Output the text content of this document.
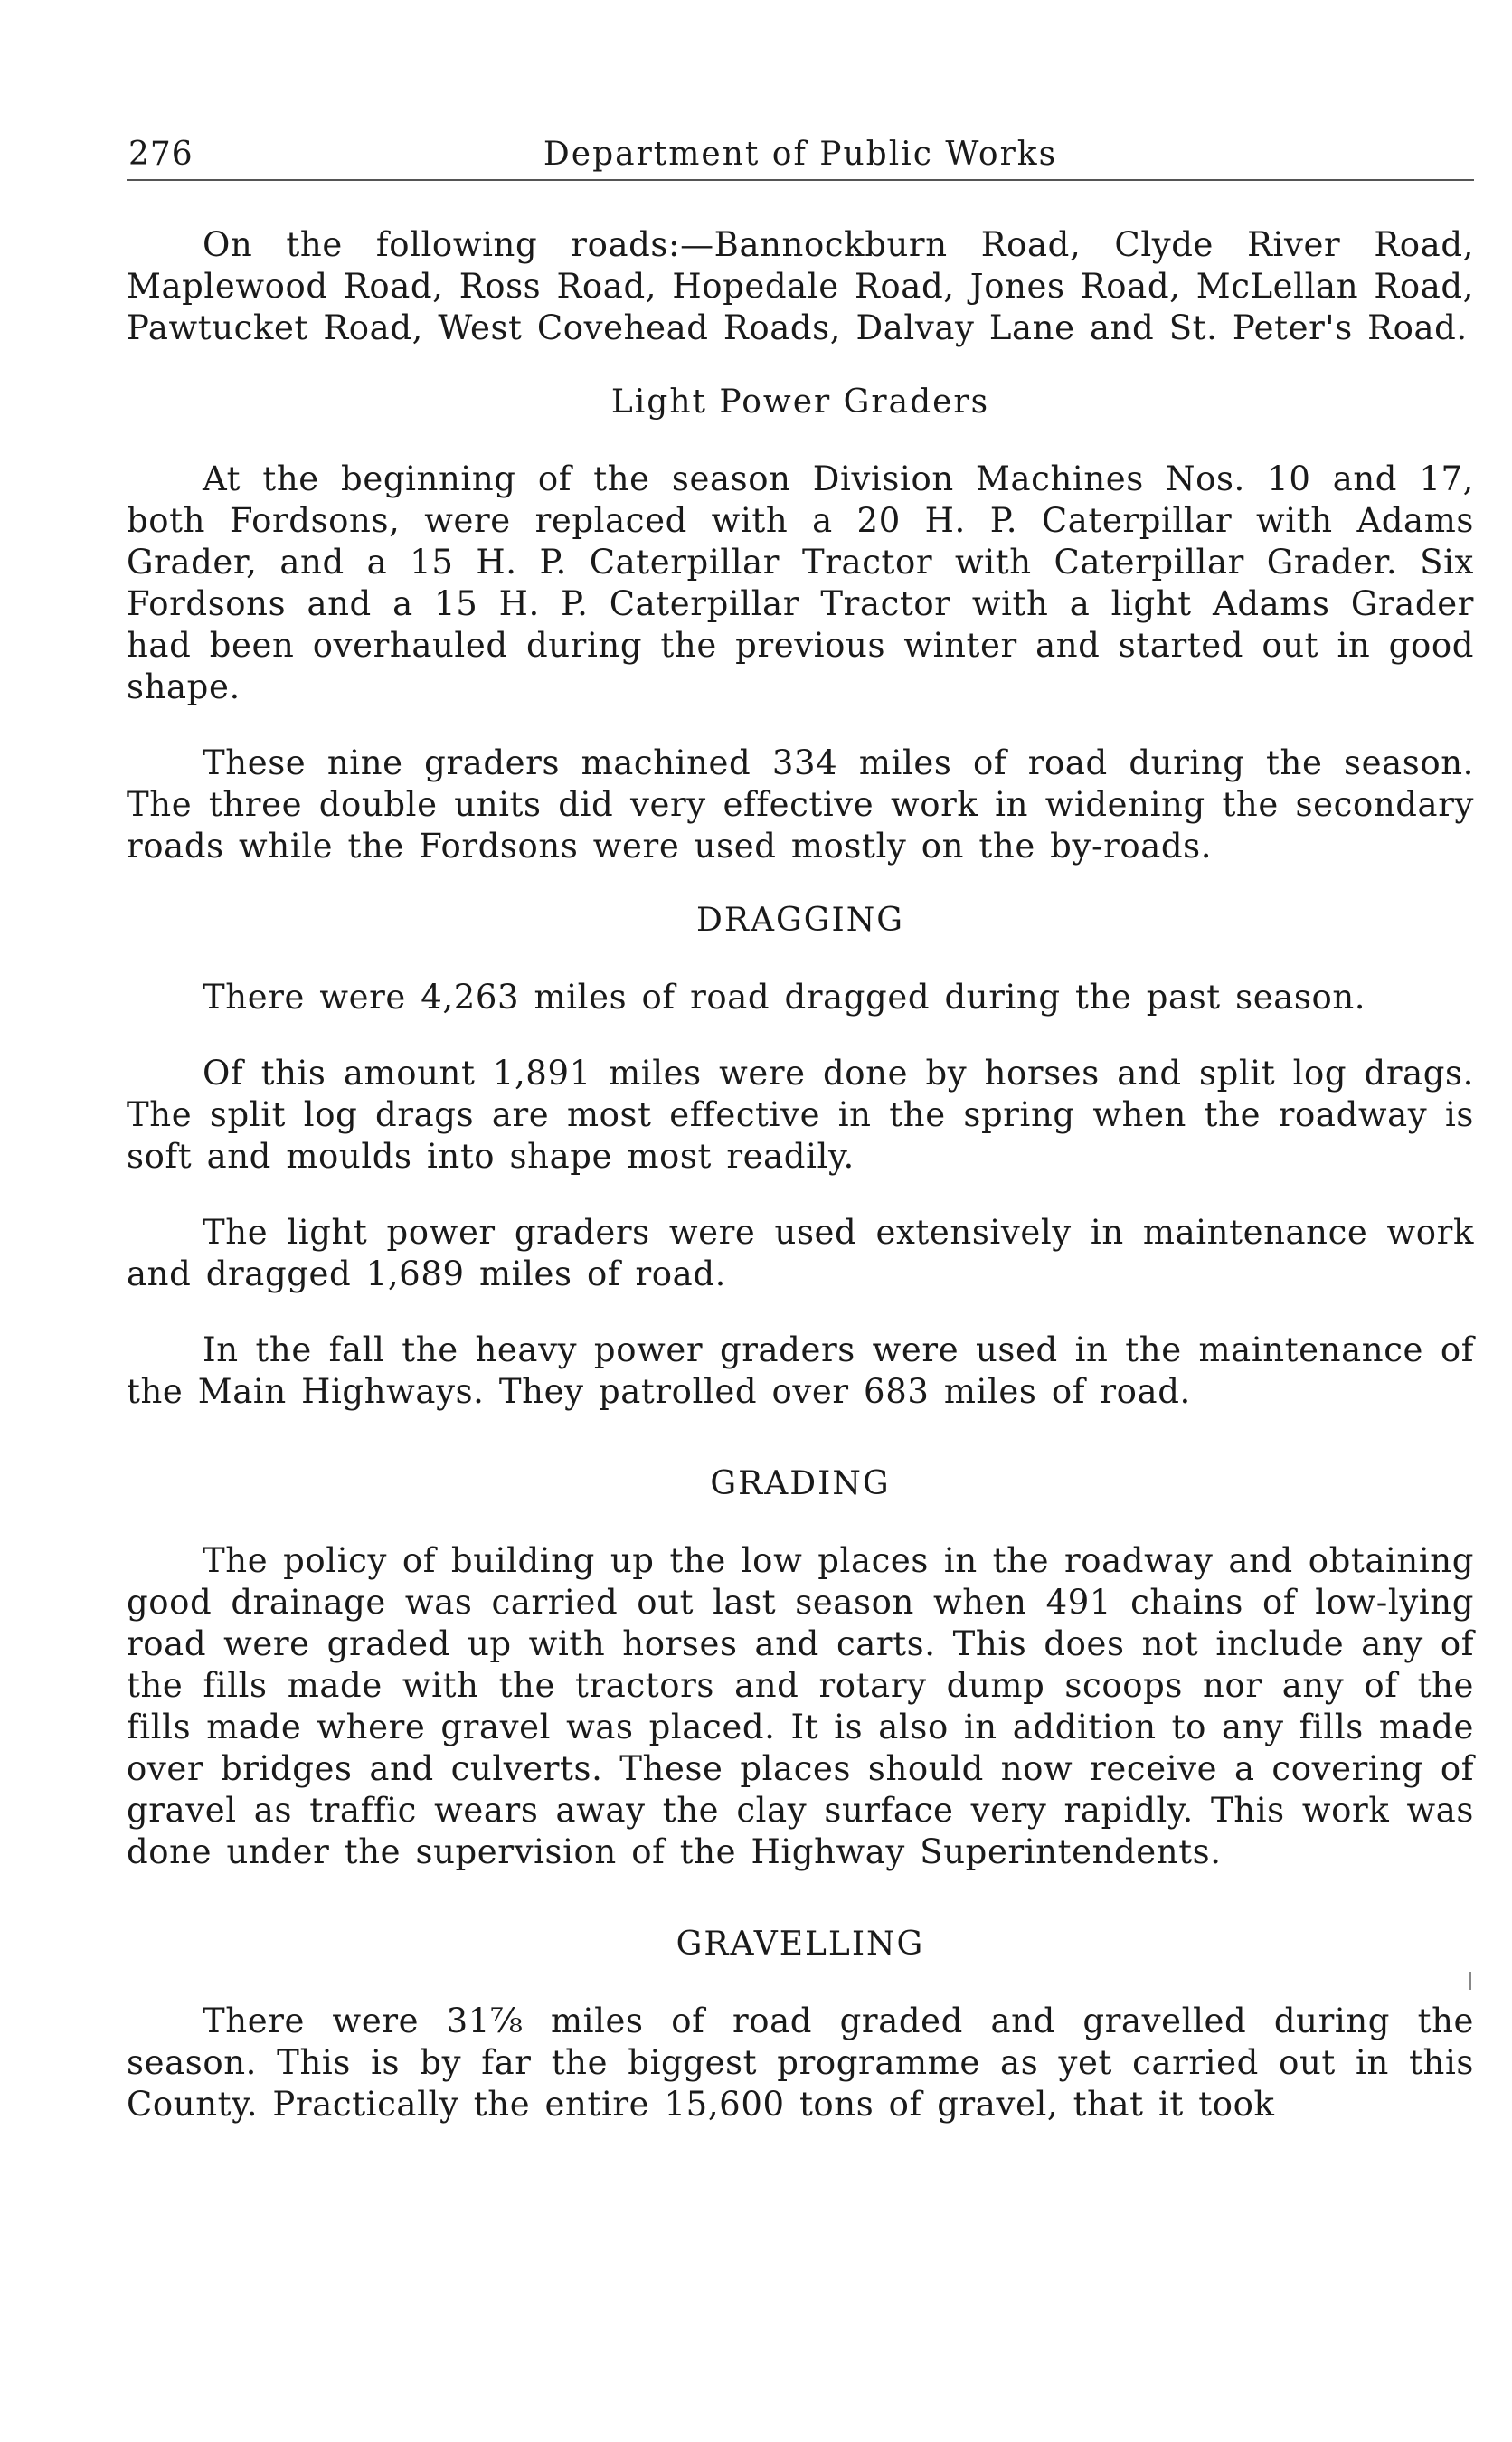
276	Department of Public Works

On the following roads:—Bannockburn Road, Clyde River Road, Maplewood Road, Ross Road, Hopedale Road, Jones Road, McLellan Road, Pawtucket Road, West Covehead Roads, Dalvay Lane and St. Peter's Road.

Light Power Graders

At the beginning of the season Division Machines Nos. 10 and 17, both Fordsons, were replaced with a 20 H. P. Caterpillar with Adams Grader, and a 15 H. P. Caterpillar Tractor with Caterpillar Grader. Six Fordsons and a 15 H. P. Caterpillar Tractor with a light Adams Grader had been overhauled during the previous winter and started out in good shape.

These nine graders machined 334 miles of road during the season. The three double units did very effective work in widening the secondary roads while the Fordsons were used mostly on the by-roads.

DRAGGING

There were 4,263 miles of road dragged during the past season.

Of this amount 1,891 miles were done by horses and split log drags. The split log drags are most effective in the spring when the roadway is soft and moulds into shape most readily.

The light power graders were used extensively in maintenance work and dragged 1,689 miles of road.

In the fall the heavy power graders were used in the maintenance of the Main Highways. They patrolled over 683 miles of road.

GRADING

The policy of building up the low places in the roadway and obtaining good drainage was carried out last season when 491 chains of low-lying road were graded up with horses and carts. This does not include any of the fills made with the tractors and rotary dump scoops nor any of the fills made where gravel was placed. It is also in addition to any fills made over bridges and culverts. These places should now receive a covering of gravel as traffic wears away the clay surface very rapidly. This work was done under the supervision of the Highway Superintendents.

GRAVELLING

There were 31⅞ miles of road graded and gravelled during the season. This is by far the biggest programme as yet carried out in this County. Practically the entire 15,600 tons of gravel, that it took
